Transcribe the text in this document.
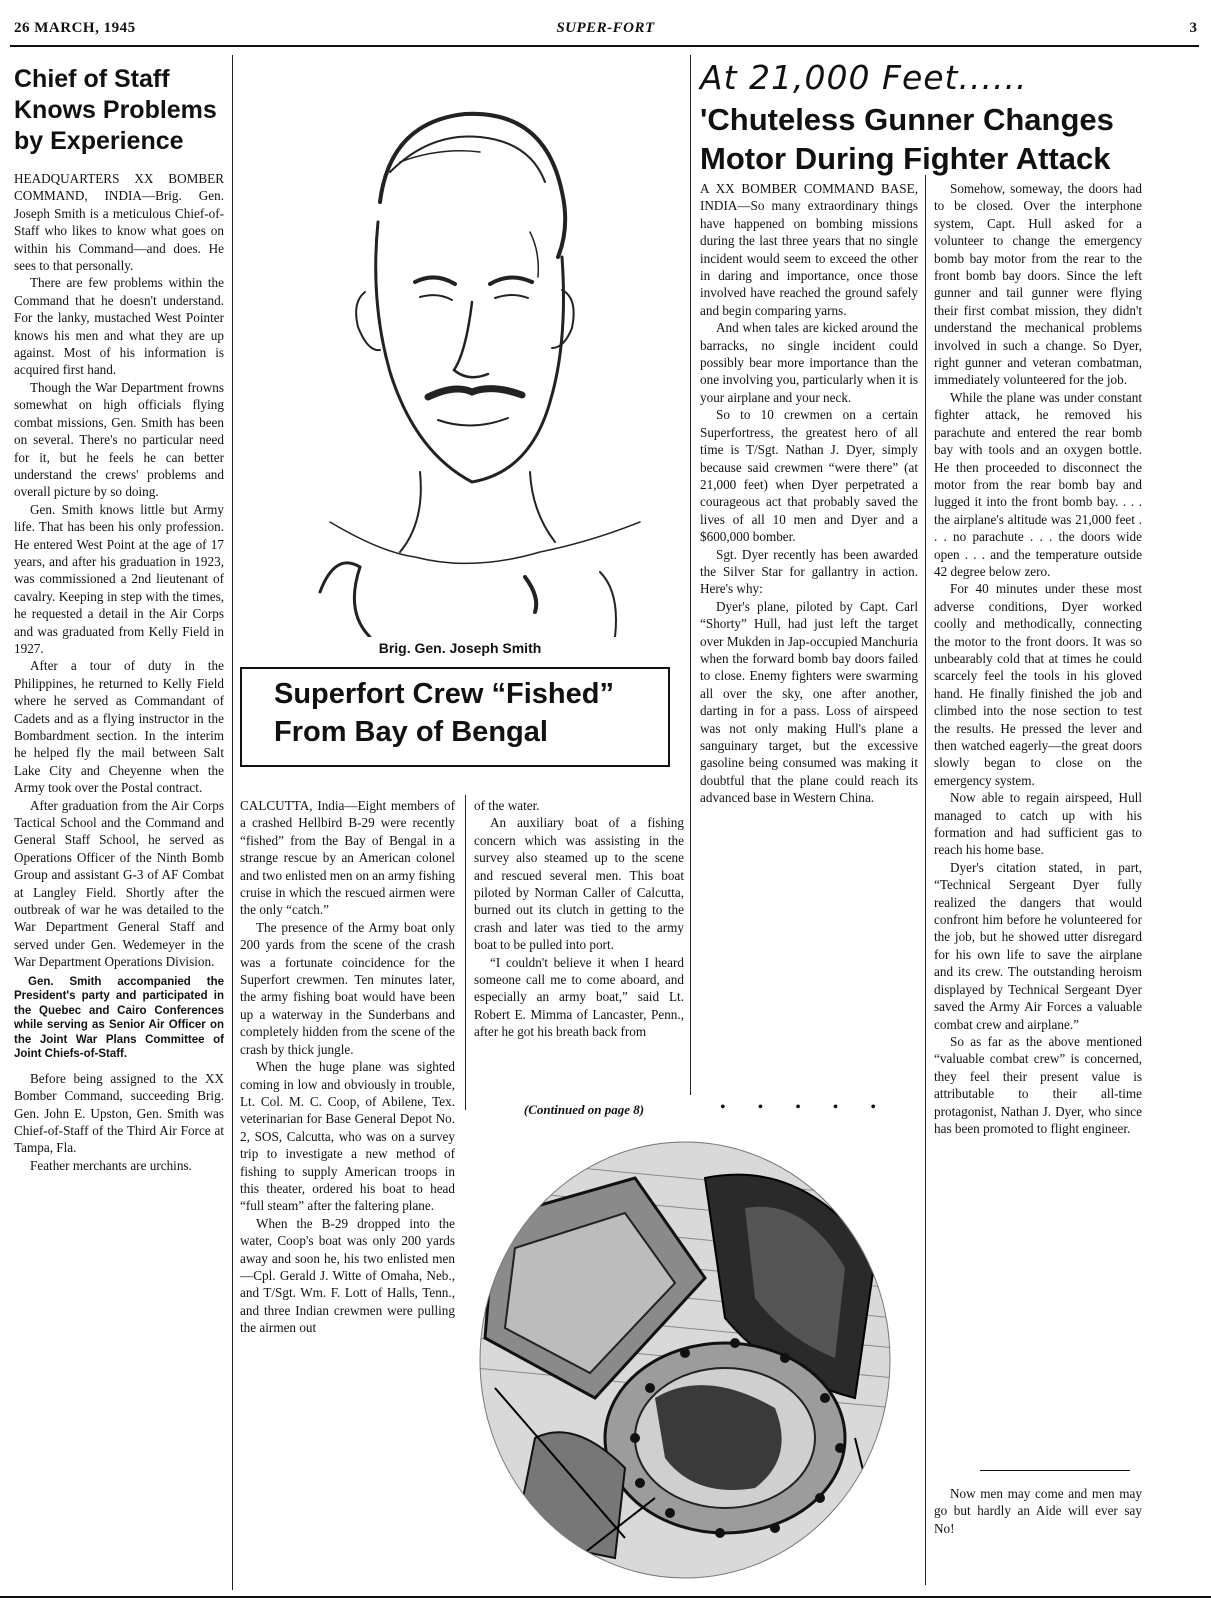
26 MARCH, 1945	SUPER-FORT	3
Chief of Staff Knows Problems by Experience

HEADQUARTERS XX BOMBER COMMAND, INDIA—Brig. Gen. Joseph Smith is a meticulous Chief-of-Staff who likes to know what goes on within his Command—and does. He sees to that personally.

There are few problems within the Command that he doesn't understand. For the lanky, mustached West Pointer knows his men and what they are up against. Most of his information is acquired first hand.

Though the War Department frowns somewhat on high officials flying combat missions, Gen. Smith has been on several. There's no particular need for it, but he feels he can better understand the crews' problems and overall picture by so doing.

Gen. Smith knows little but Army life. That has been his only profession. He entered West Point at the age of 17 years, and after his graduation in 1923, was commissioned a 2nd lieutenant of cavalry. Keeping in step with the times, he requested a detail in the Air Corps and was graduated from Kelly Field in 1927.

After a tour of duty in the Philippines, he returned to Kelly Field where he served as Commandant of Cadets and as a flying instructor in the Bombardment section. In the interim he helped fly the mail between Salt Lake City and Cheyenne when the Army took over the Postal contract.

After graduation from the Air Corps Tactical School and the Command and General Staff School, he served as Operations Officer of the Ninth Bomb Group and assistant G-3 of AF Combat at Langley Field. Shortly after the outbreak of war he was detailed to the War Department General Staff and served under Gen. Wedemeyer in the War Department Operations Division.

Gen. Smith accompanied the President's party and participated in the Quebec and Cairo Conferences while serving as Senior Air Officer on the Joint War Plans Committee of Joint Chiefs-of-Staff.

Before being assigned to the XX Bomber Command, succeeding Brig. Gen. John E. Upston, Gen. Smith was Chief-of-Staff of the Third Air Force at Tampa, Fla.

Feather merchants are urchins.

Brig. Gen. Joseph Smith
Superfort Crew “Fished”
From Bay of Bengal

CALCUTTA, India—Eight members of a crashed Hellbird B-29 were recently “fished” from the Bay of Bengal in a strange rescue by an American colonel and two enlisted men on an army fishing cruise in which the rescued airmen were the only “catch.”

The presence of the Army boat only 200 yards from the scene of the crash was a fortunate coincidence for the Superfort crewmen. Ten minutes later, the army fishing boat would have been up a waterway in the Sunderbans and completely hidden from the scene of the crash by thick jungle.

When the huge plane was sighted coming in low and obviously in trouble, Lt. Col. M. C. Coop, of Abilene, Tex. veterinarian for Base General Depot No. 2, SOS, Calcutta, who was on a survey trip to investigate a new method of fishing to supply American troops in this theater, ordered his boat to head “full steam” after the faltering plane.

When the B-29 dropped into the water, Coop's boat was only 200 yards away and soon he, his two enlisted men—Cpl. Gerald J. Witte of Omaha, Neb., and T/Sgt. Wm. F. Lott of Halls, Tenn., and three Indian crewmen were pulling the airmen out

of the water.

An auxiliary boat of a fishing concern which was assisting in the survey also steamed up to the scene and rescued several men. This boat piloted by Norman Caller of Calcutta, burned out its clutch in getting to the crash and later was tied to the army boat to be pulled into port.

“I couldn't believe it when I heard someone call me to come aboard, and especially an army boat,” said Lt. Robert E. Mimma of Lancaster, Penn., after he got his breath back from

(Continued on page 8)
At 21,000 Feet......
'Chuteless Gunner Changes
Motor During Fighter Attack

A XX BOMBER COMMAND BASE, INDIA—So many extraordinary things have happened on bombing missions during the last three years that no single incident would seem to exceed the other in daring and importance, once those involved have reached the ground safely and begin comparing yarns.

And when tales are kicked around the barracks, no single incident could possibly bear more importance than the one involving you, particularly when it is your airplane and your neck.

So to 10 crewmen on a certain Superfortress, the greatest hero of all time is T/Sgt. Nathan J. Dyer, simply because said crewmen “were there” (at 21,000 feet) when Dyer perpetrated a courageous act that probably saved the lives of all 10 men and Dyer and a $600,000 bomber.

Sgt. Dyer recently has been awarded the Silver Star for gallantry in action. Here's why:

Dyer's plane, piloted by Capt. Carl “Shorty” Hull, had just left the target over Mukden in Jap-occupied Manchuria when the forward bomb bay doors failed to close. Enemy fighters were swarming all over the sky, one after another, darting in for a pass. Loss of airspeed was not only making Hull's plane a sanguinary target, but the excessive gasoline being consumed was making it doubtful that the plane could reach its advanced base in Western China.

• • • • •

Somehow, someway, the doors had to be closed. Over the interphone system, Capt. Hull asked for a volunteer to change the emergency bomb bay motor from the rear to the front bomb bay doors. Since the left gunner and tail gunner were flying their first combat mission, they didn't understand the mechanical problems involved in such a change. So Dyer, right gunner and veteran combatman, immediately volunteered for the job.

While the plane was under constant fighter attack, he removed his parachute and entered the rear bomb bay with tools and an oxygen bottle. He then proceeded to disconnect the motor from the rear bomb bay and lugged it into the front bomb bay. . . . the airplane's altitude was 21,000 feet . . . no parachute . . . the doors wide open . . . and the temperature outside 42 degree below zero.

For 40 minutes under these most adverse conditions, Dyer worked coolly and methodically, connecting the motor to the front doors. It was so unbearably cold that at times he could scarcely feel the tools in his gloved hand. He finally finished the job and climbed into the nose section to test the results. He pressed the lever and then watched eagerly—the great doors slowly began to close on the emergency system.

Now able to regain airspeed, Hull managed to catch up with his formation and had sufficient gas to reach his home base.

Dyer's citation stated, in part, “Technical Sergeant Dyer fully realized the dangers that would confront him before he volunteered for the job, but he showed utter disregard for his own life to save the airplane and its crew. The outstanding heroism displayed by Technical Sergeant Dyer saved the Army Air Forces a valuable combat crew and airplane.”

So as far as the above mentioned “valuable combat crew” is concerned, they feel their present value is attributable to their all-time protagonist, Nathan J. Dyer, who since has been promoted to flight engineer.

Now men may come and men may go but hardly an Aide will ever say No!
